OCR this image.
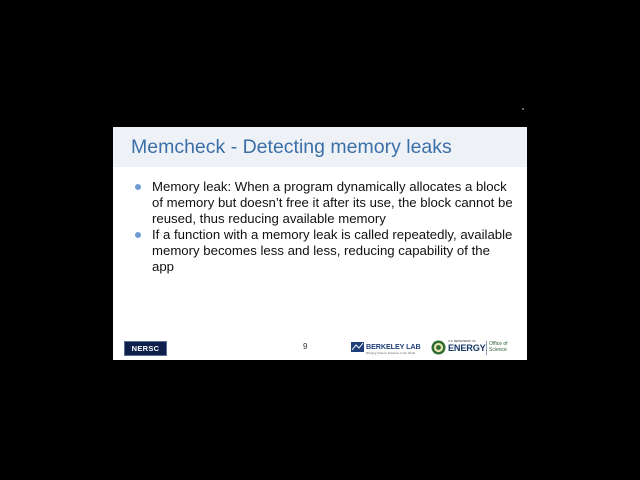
Memcheck - Detecting memory leaks
Memory leak: When a program dynamically allocates a block of memory but doesn’t free it after its use, the block cannot be reused, thus reducing available memory
If a function with a memory leak is called repeatedly, available memory becomes less and less, reducing capability of the app
NERSC	9	BERKELEY LAB
Bringing Science Solutions to the World
U.S. DEPARTMENT OF
ENERGY Office of Science
